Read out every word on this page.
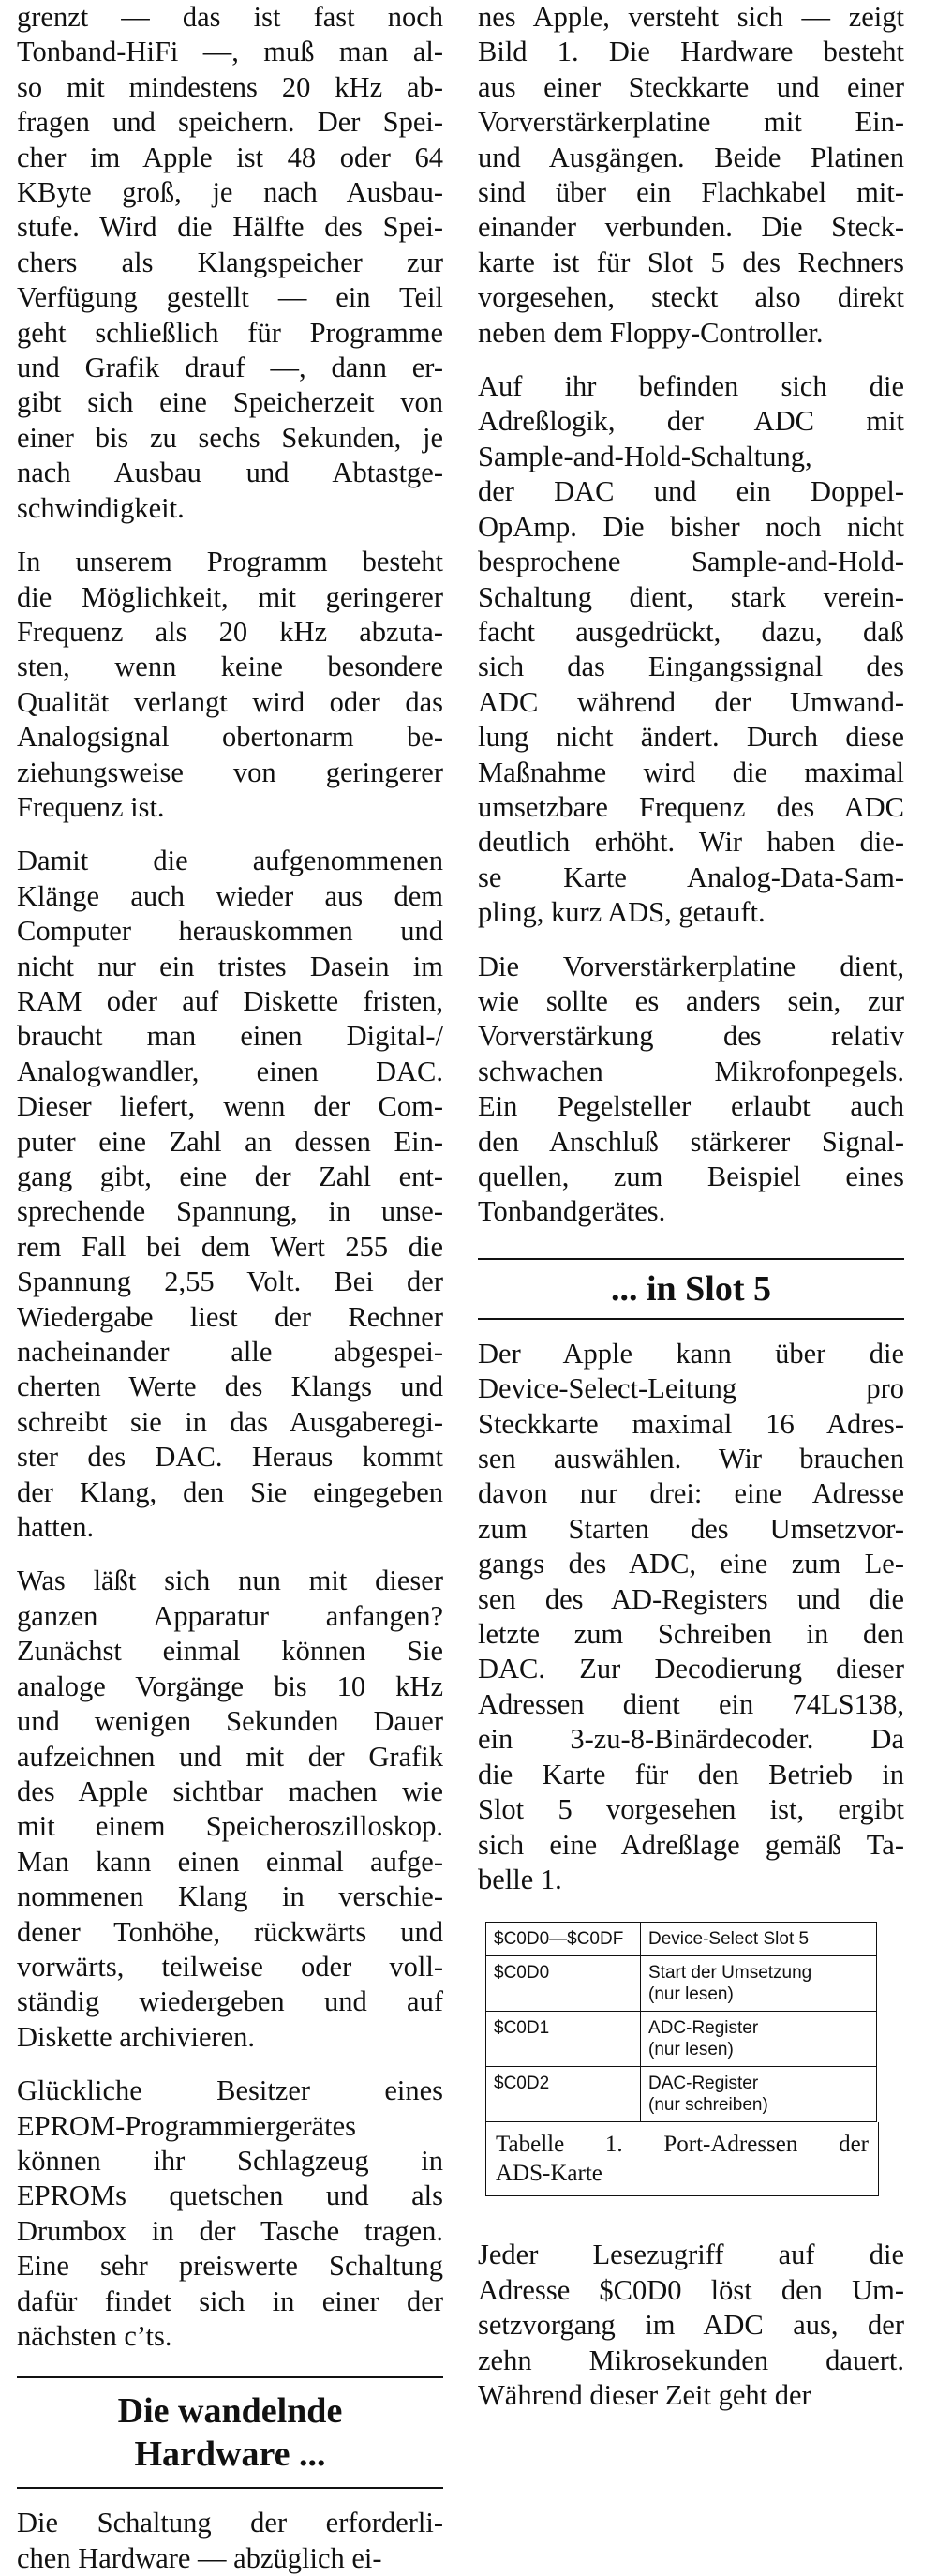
grenzt — das ist fast noch
Tonband-HiFi —, muß man al-
so mit mindestens 20 kHz ab-
fragen und speichern. Der Spei-
cher im Apple ist 48 oder 64
KByte groß, je nach Ausbau-
stufe. Wird die Hälfte des Spei-
chers als Klangspeicher zur
Verfügung gestellt — ein Teil
geht schließlich für Programme
und Grafik drauf —, dann er-
gibt sich eine Speicherzeit von
einer bis zu sechs Sekunden, je
nach Ausbau und Abtastge-
schwindigkeit.

In unserem Programm besteht
die Möglichkeit, mit geringerer
Frequenz als 20 kHz abzuta-
sten, wenn keine besondere
Qualität verlangt wird oder das
Analogsignal obertonarm be-
ziehungsweise von geringerer
Frequenz ist.

Damit die aufgenommenen
Klänge auch wieder aus dem
Computer herauskommen und
nicht nur ein tristes Dasein im
RAM oder auf Diskette fristen,
braucht man einen Digital-/
Analogwandler, einen DAC.
Dieser liefert, wenn der Com-
puter eine Zahl an dessen Ein-
gang gibt, eine der Zahl ent-
sprechende Spannung, in unse-
rem Fall bei dem Wert 255 die
Spannung 2,55 Volt. Bei der
Wiedergabe liest der Rechner
nacheinander alle abgespei-
cherten Werte des Klangs und
schreibt sie in das Ausgaberegi-
ster des DAC. Heraus kommt
der Klang, den Sie eingegeben
hatten.

Was läßt sich nun mit dieser
ganzen Apparatur anfangen?
Zunächst einmal können Sie
analoge Vorgänge bis 10 kHz
und wenigen Sekunden Dauer
aufzeichnen und mit der Grafik
des Apple sichtbar machen wie
mit einem Speicheroszilloskop.
Man kann einen einmal aufge-
nommenen Klang in verschie-
dener Tonhöhe, rückwärts und
vorwärts, teilweise oder voll-
ständig wiedergeben und auf
Diskette archivieren.

Glückliche Besitzer eines
EPROM-Programmiergerätes
können ihr Schlagzeug in
EPROMs quetschen und als
Drumbox in der Tasche tragen.
Eine sehr preiswerte Schaltung
dafür findet sich in einer der
nächsten c’ts.

Die wandelnde
Hardware ...

Die Schaltung der erforderli-
chen Hardware — abzüglich ei-

nes Apple, versteht sich — zeigt
Bild 1. Die Hardware besteht
aus einer Steckkarte und einer
Vorverstärkerplatine mit Ein-
und Ausgängen. Beide Platinen
sind über ein Flachkabel mit-
einander verbunden. Die Steck-
karte ist für Slot 5 des Rechners
vorgesehen, steckt also direkt
neben dem Floppy-Controller.

Auf ihr befinden sich die
Adreßlogik, der ADC mit
Sample-and-Hold-Schaltung,
der DAC und ein Doppel-
OpAmp. Die bisher noch nicht
besprochene Sample-and-Hold-
Schaltung dient, stark verein-
facht ausgedrückt, dazu, daß
sich das Eingangssignal des
ADC während der Umwand-
lung nicht ändert. Durch diese
Maßnahme wird die maximal
umsetzbare Frequenz des ADC
deutlich erhöht. Wir haben die-
se Karte Analog-Data-Sam-
pling, kurz ADS, getauft.

Die Vorverstärkerplatine dient,
wie sollte es anders sein, zur
Vorverstärkung des relativ
schwachen Mikrofonpegels.
Ein Pegelsteller erlaubt auch
den Anschluß stärkerer Signal-
quellen, zum Beispiel eines
Tonbandgerätes.

... in Slot 5

Der Apple kann über die
Device-Select-Leitung pro
Steckkarte maximal 16 Adres-
sen auswählen. Wir brauchen
davon nur drei: eine Adresse
zum Starten des Umsetzvor-
gangs des ADC, eine zum Le-
sen des AD-Registers und die
letzte zum Schreiben in den
DAC. Zur Decodierung dieser
Adressen dient ein 74LS138,
ein 3-zu-8-Binärdecoder. Da
die Karte für den Betrieb in
Slot 5 vorgesehen ist, ergibt
sich eine Adreßlage gemäß Ta-
belle 1.

$C0D0—$C0DF	Device-Select Slot 5

$C0D0	Start der Umsetzung
(nur lesen)

$C0D1	ADC-Register
(nur lesen)

$C0D2	DAC-Register
(nur schreiben)
Tabelle 1. Port-Adressen der
ADS-Karte

Jeder Lesezugriff auf die
Adresse $C0D0 löst den Um-
setzvorgang im ADC aus, der
zehn Mikrosekunden dauert.
Während dieser Zeit geht der
